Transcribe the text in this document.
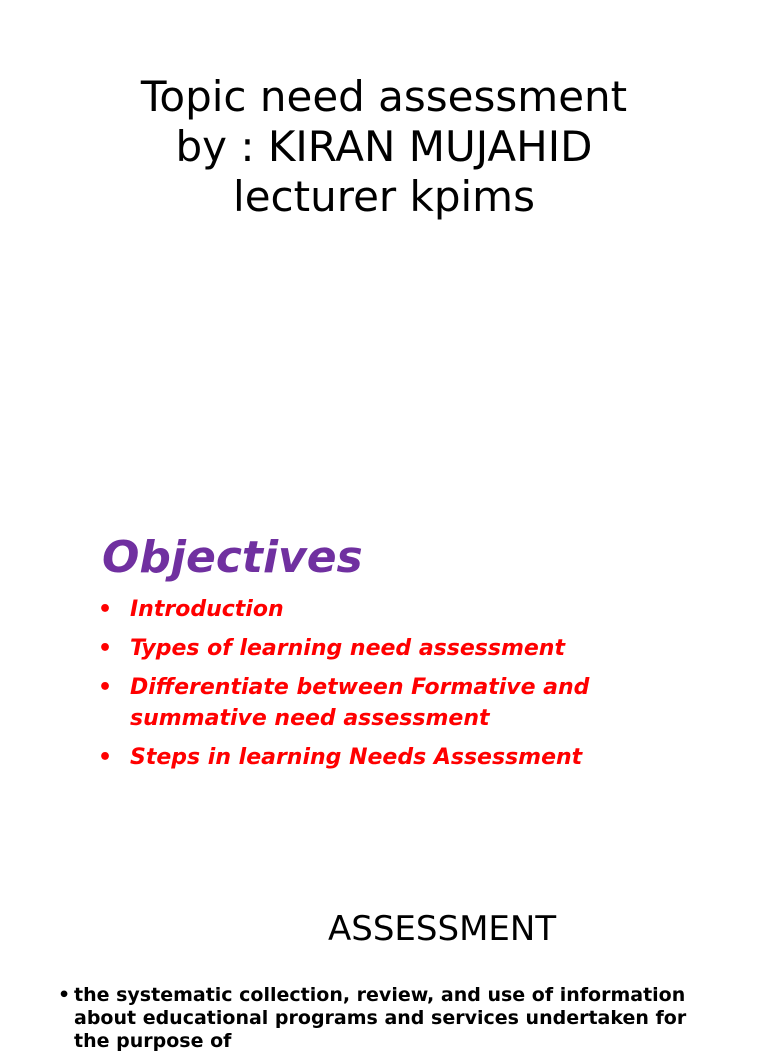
Topic need assessment
by : KIRAN MUJAHID
lecturer kpims
Objectives
• Introduction
• Types of learning need assessment
• Differentiate between Formative and summative need assessment
• Steps in learning Needs Assessment
ASSESSMENT
• the systematic collection, review, and use of information about educational programs and services undertaken for the purpose of
